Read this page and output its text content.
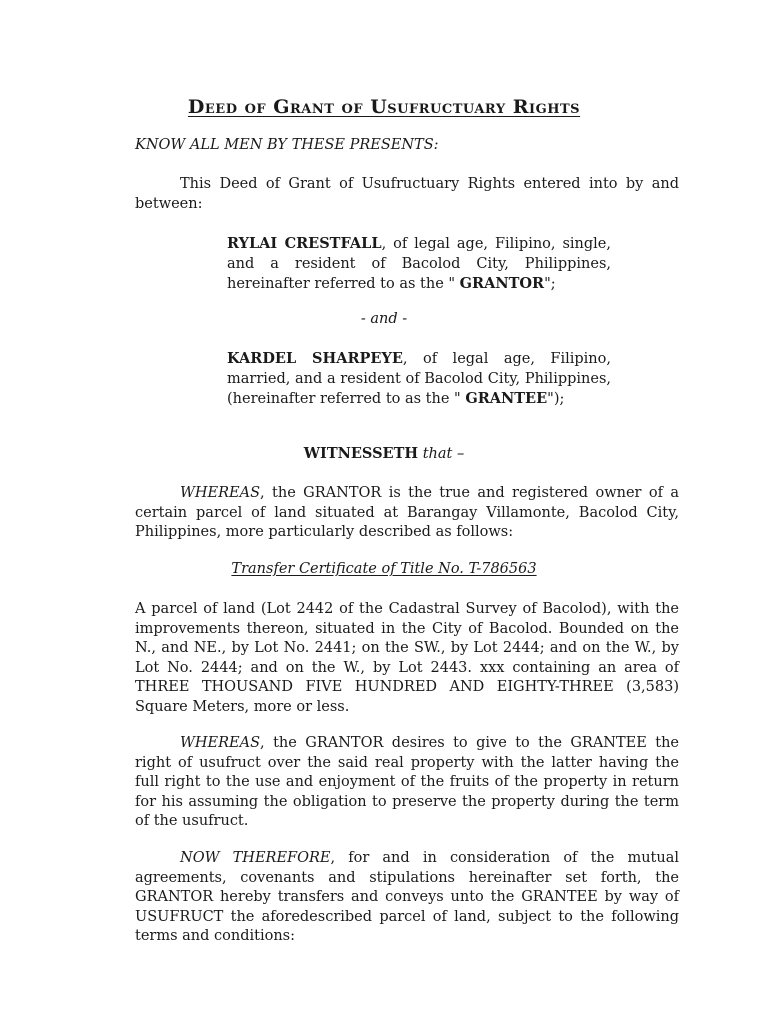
Deed of Grant of Usufructuary Rights

KNOW ALL MEN BY THESE PRESENTS:

This Deed of Grant of Usufructuary Rights entered into by and between:

RYLAI CRESTFALL, of legal age, Filipino, single, and a resident of Bacolod City, Philippines, hereinafter referred to as the " GRANTOR";

- and -

KARDEL SHARPEYE, of legal age, Filipino, married, and a resident of Bacolod City, Philippines, (hereinafter referred to as the " GRANTEE");

WITNESSETH that –

WHEREAS, the GRANTOR is the true and registered owner of a certain parcel of land situated at Barangay Villamonte, Bacolod City, Philippines, more particularly described as follows:

Transfer Certificate of Title No. T-786563

A parcel of land (Lot 2442 of the Cadastral Survey of Bacolod), with the improvements thereon, situated in the City of Bacolod. Bounded on the N., and NE., by Lot No. 2441; on the SW., by Lot 2444; and on the W., by Lot No. 2444; and on the W., by Lot 2443. xxx containing an area of THREE THOUSAND FIVE HUNDRED AND EIGHTY-THREE (3,583) Square Meters, more or less.

WHEREAS, the GRANTOR desires to give to the GRANTEE the right of usufruct over the said real property with the latter having the full right to the use and enjoyment of the fruits of the property in return for his assuming the obligation to preserve the property during the term of the usufruct.

NOW THEREFORE, for and in consideration of the mutual agreements, covenants and stipulations hereinafter set forth, the GRANTOR hereby transfers and conveys unto the GRANTEE by way of USUFRUCT the aforedescribed parcel of land, subject to the following terms and conditions:
